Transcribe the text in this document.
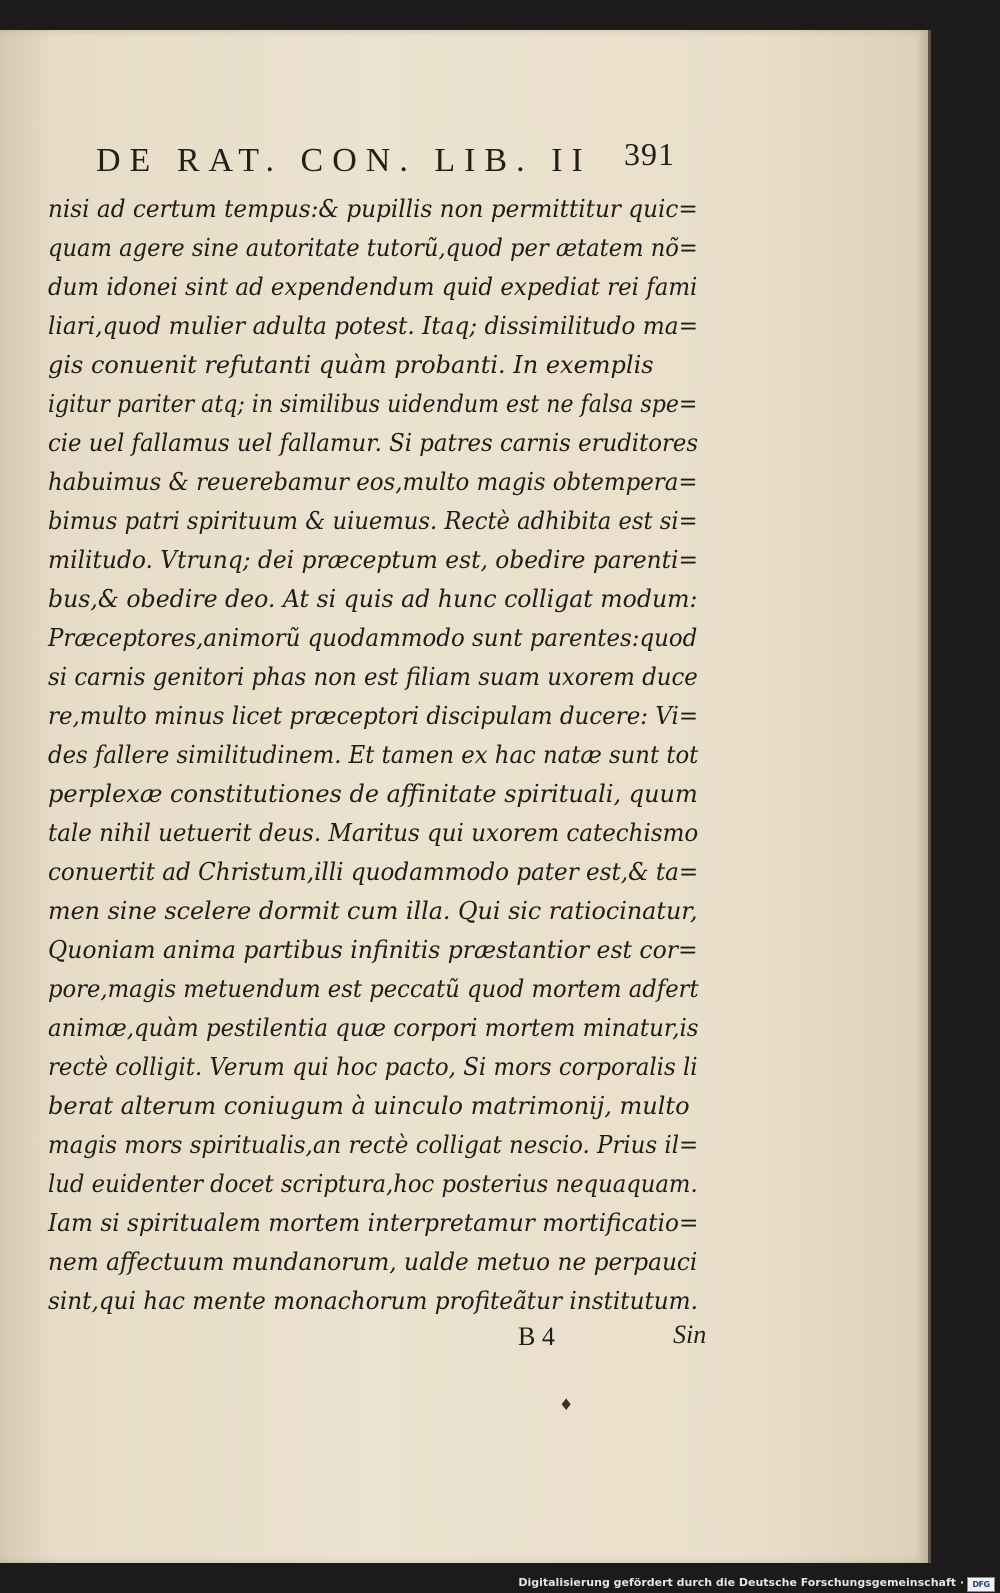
DE RAT. CON. LIB. II 391
nisi ad certum tempus:& pupillis non permittitur quic=
quam agere sine autoritate tutorũ,quod per ætatem nõ=
dum idonei sint ad expendendum quid expediat rei fami
liari,quod mulier adulta potest. Itaq; dissimilitudo ma=
gis conuenit refutanti quàm probanti. In exemplis
igitur pariter atq; in similibus uidendum est ne falsa spe=
cie uel fallamus uel fallamur. Si patres carnis eruditores
habuimus & reuerebamur eos,multo magis obtempera=
bimus patri spirituum & uiuemus. Rectè adhibita est si=
militudo. Vtrunq; dei præceptum est, obedire parenti=
bus,& obedire deo. At si quis ad hunc colligat modum:
Præceptores,animorũ quodammodo sunt parentes:quod
si carnis genitori phas non est filiam suam uxorem duce
re,multo minus licet præceptori discipulam ducere: Vi=
des fallere similitudinem. Et tamen ex hac natæ sunt tot
perplexæ constitutiones de affinitate spirituali, quum
tale nihil uetuerit deus. Maritus qui uxorem catechismo
conuertit ad Christum,illi quodammodo pater est,& ta=
men sine scelere dormit cum illa. Qui sic ratiocinatur,
Quoniam anima partibus infinitis præstantior est cor=
pore,magis metuendum est peccatũ quod mortem adfert
animæ,quàm pestilentia quæ corpori mortem minatur,is
rectè colligit. Verum qui hoc pacto, Si mors corporalis li
berat alterum coniugum à uinculo matrimonij, multo
magis mors spiritualis,an rectè colligat nescio. Prius il=
lud euidenter docet scriptura,hoc posterius nequaquam.
Iam si spiritualem mortem interpretamur mortificatio=
nem affectuum mundanorum, ualde metuo ne perpauci
sint,qui hac mente monachorum profiteãtur institutum.
B 4	Sin
♦
Digitalisierung gefördert durch die Deutsche Forschungsgemeinschaft ·	DFG
